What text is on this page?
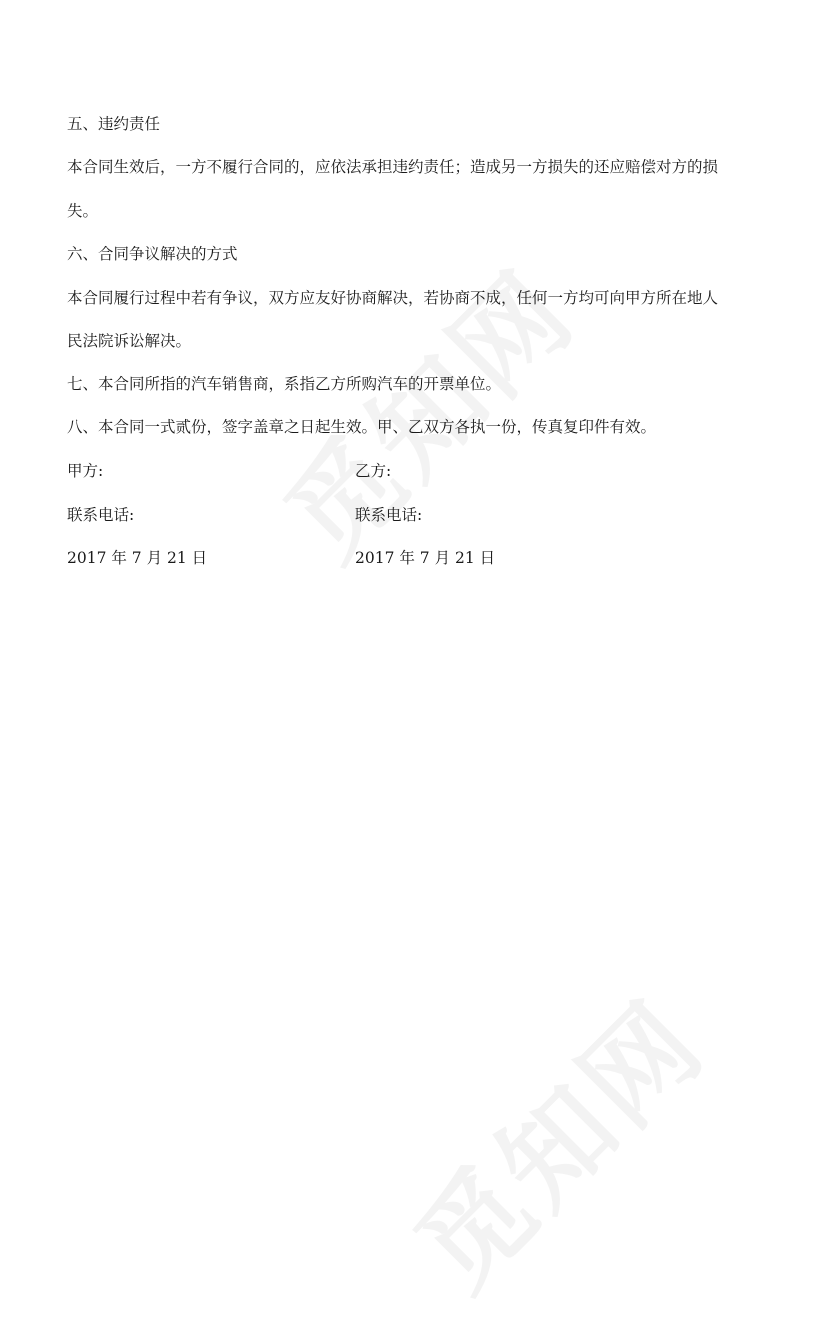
五、违约责任
本合同生效后，一方不履行合同的，应依法承担违约责任；造成另一方损失的还应赔偿对方的损
失。
六、合同争议解决的方式
本合同履行过程中若有争议，双方应友好协商解决，若协商不成，任何一方均可向甲方所在地人
民法院诉讼解决。
七、本合同所指的汽车销售商，系指乙方所购汽车的开票单位。
八、本合同一式贰份，签字盖章之日起生效。甲、乙双方各执一份，传真复印件有效。
甲方:	乙方:
联系电话:	联系电话:
2017 年 7 月 21 日	2017 年 7 月 21 日
